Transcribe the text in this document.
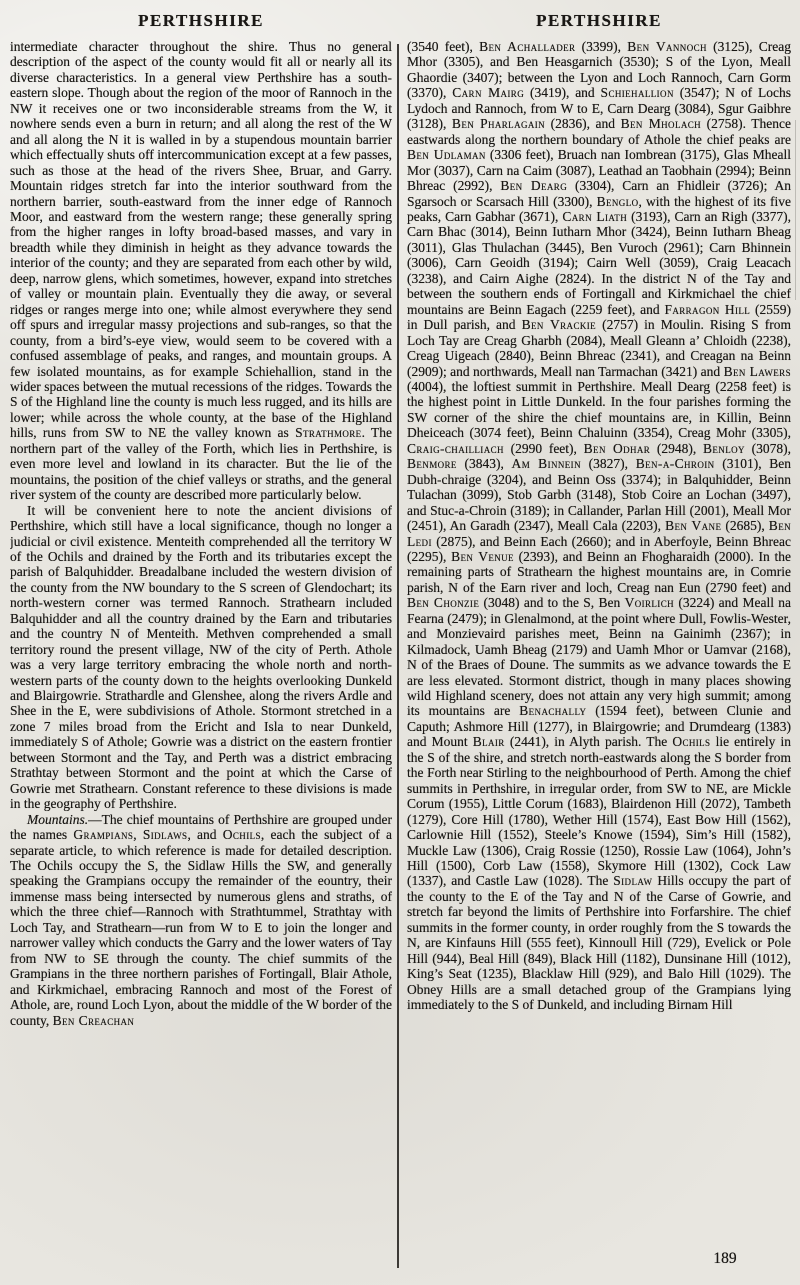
PERTHSHIRE	PERTHSHIRE

intermediate character throughout the shire. Thus no general description of the aspect of the county would fit all or nearly all its diverse characteristics. In a general view Perthshire has a south-eastern slope. Though about the region of the moor of Rannoch in the NW it receives one or two inconsiderable streams from the W, it nowhere sends even a burn in return; and all along the rest of the W and all along the N it is walled in by a stupendous mountain barrier which effectually shuts off intercommunication except at a few passes, such as those at the head of the rivers Shee, Bruar, and Garry. Mountain ridges stretch far into the interior southward from the northern barrier, south-eastward from the inner edge of Rannoch Moor, and eastward from the western range; these generally spring from the higher ranges in lofty broad-based masses, and vary in breadth while they diminish in height as they advance towards the interior of the county; and they are separated from each other by wild, deep, narrow glens, which sometimes, however, expand into stretches of valley or mountain plain. Eventually they die away, or several ridges or ranges merge into one; while almost everywhere they send off spurs and irregular massy projections and sub-ranges, so that the county, from a bird’s-eye view, would seem to be covered with a confused assemblage of peaks, and ranges, and mountain groups. A few isolated mountains, as for example Schiehallion, stand in the wider spaces between the mutual recessions of the ridges. Towards the S of the Highland line the county is much less rugged, and its hills are lower; while across the whole county, at the base of the Highland hills, runs from SW to NE the valley known as Strathmore. The northern part of the valley of the Forth, which lies in Perthshire, is even more level and lowland in its character. But the lie of the mountains, the position of the chief valleys or straths, and the general river system of the county are described more particularly below.

It will be convenient here to note the ancient divisions of Perthshire, which still have a local significance, though no longer a judicial or civil existence. Menteith comprehended all the territory W of the Ochils and drained by the Forth and its tributaries except the parish of Balquhidder. Breadalbane included the western division of the county from the NW boundary to the S screen of Glendochart; its north-western corner was termed Rannoch. Strathearn included Balquhidder and all the country drained by the Earn and tributaries and the country N of Menteith. Methven comprehended a small territory round the present village, NW of the city of Perth. Athole was a very large territory embracing the whole north and north-western parts of the county down to the heights overlooking Dunkeld and Blairgowrie. Strathardle and Glenshee, along the rivers Ardle and Shee in the E, were subdivisions of Athole. Stormont stretched in a zone 7 miles broad from the Ericht and Isla to near Dunkeld, immediately S of Athole; Gowrie was a district on the eastern frontier between Stormont and the Tay, and Perth was a district embracing Strathtay between Stormont and the point at which the Carse of Gowrie met Strathearn. Constant reference to these divisions is made in the geography of Perthshire.

Mountains.—The chief mountains of Perthshire are grouped under the names Grampians, Sidlaws, and Ochils, each the subject of a separate article, to which reference is made for detailed description. The Ochils occupy the S, the Sidlaw Hills the SW, and generally speaking the Grampians occupy the remainder of the eountry, their immense mass being intersected by numerous glens and straths, of which the three chief—Rannoch with Strathtummel, Strathtay with Loch Tay, and Strathearn—run from W to E to join the longer and narrower valley which conducts the Garry and the lower waters of Tay from NW to SE through the county. The chief summits of the Grampians in the three northern parishes of Fortingall, Blair Athole, and Kirkmichael, embracing Rannoch and most of the Forest of Athole, are, round Loch Lyon, about the middle of the W border of the county, Ben Creachan

(3540 feet), Ben Achallader (3399), Ben Vannoch (3125), Creag Mhor (3305), and Ben Heasgarnich (3530); S of the Lyon, Meall Ghaordie (3407); between the Lyon and Loch Rannoch, Carn Gorm (3370), Carn Mairg (3419), and Schiehallion (3547); N of Lochs Lydoch and Rannoch, from W to E, Carn Dearg (3084), Sgur Gaibhre (3128), Ben Pharlagain (2836), and Ben Mholach (2758). Thence eastwards along the northern boundary of Athole the chief peaks are Ben Udlaman (3306 feet), Bruach nan Iombrean (3175), Glas Mheall Mor (3037), Carn na Caim (3087), Leathad an Taobhain (2994); Beinn Bhreac (2992), Ben Dearg (3304), Carn an Fhidleir (3726); An Sgarsoch or Scarsach Hill (3300), Benglo, with the highest of its five peaks, Carn Gabhar (3671), Carn Liath (3193), Carn an Righ (3377), Carn Bhac (3014), Beinn Iutharn Mhor (3424), Beinn Iutharn Bheag (3011), Glas Thulachan (3445), Ben Vuroch (2961); Carn Bhinnein (3006), Carn Geoidh (3194); Cairn Well (3059), Craig Leacach (3238), and Cairn Aighe (2824). In the district N of the Tay and between the southern ends of Fortingall and Kirkmichael the chief mountains are Beinn Eagach (2259 feet), and Farragon Hill (2559) in Dull parish, and Ben Vrackie (2757) in Moulin. Rising S from Loch Tay are Creag Gharbh (2084), Meall Gleann a’ Chloidh (2238), Creag Uigeach (2840), Beinn Bhreac (2341), and Creagan na Beinn (2909); and northwards, Meall nan Tarmachan (3421) and Ben Lawers (4004), the loftiest summit in Perthshire. Meall Dearg (2258 feet) is the highest point in Little Dunkeld. In the four parishes forming the SW corner of the shire the chief mountains are, in Killin, Beinn Dheiceach (3074 feet), Beinn Chaluinn (3354), Creag Mohr (3305), Craig-chailliach (2990 feet), Ben Odhar (2948), Benloy (3078), Benmore (3843), Am Binnein (3827), Ben-a-Chroin (3101), Ben Dubh-chraige (3204), and Beinn Oss (3374); in Balquhidder, Beinn Tulachan (3099), Stob Garbh (3148), Stob Coire an Lochan (3497), and Stuc-a-Chroin (3189); in Callander, Parlan Hill (2001), Meall Mor (2451), An Garadh (2347), Meall Cala (2203), Ben Vane (2685), Ben Ledi (2875), and Beinn Each (2660); and in Aberfoyle, Beinn Bhreac (2295), Ben Venue (2393), and Beinn an Fhogharaidh (2000). In the remaining parts of Strathearn the highest mountains are, in Comrie parish, N of the Earn river and loch, Creag nan Eun (2790 feet) and Ben Chonzie (3048) and to the S, Ben Voirlich (3224) and Meall na Fearna (2479); in Glenalmond, at the point where Dull, Fowlis-Wester, and Monzievaird parishes meet, Beinn na Gainimh (2367); in Kilmadock, Uamh Bheag (2179) and Uamh Mhor or Uamvar (2168), N of the Braes of Doune. The summits as we advance towards the E are less elevated. Stormont district, though in many places showing wild Highland scenery, does not attain any very high summit; among its mountains are Benachally (1594 feet), between Clunie and Caputh; Ashmore Hill (1277), in Blairgowrie; and Drumdearg (1383) and Mount Blair (2441), in Alyth parish. The Ochils lie entirely in the S of the shire, and stretch north-eastwards along the S border from the Forth near Stirling to the neighbourhood of Perth. Among the chief summits in Perthshire, in irregular order, from SW to NE, are Mickle Corum (1955), Little Corum (1683), Blairdenon Hill (2072), Tambeth (1279), Core Hill (1780), Wether Hill (1574), East Bow Hill (1562), Carlownie Hill (1552), Steele’s Knowe (1594), Sim’s Hill (1582), Muckle Law (1306), Craig Rossie (1250), Rossie Law (1064), John’s Hill (1500), Corb Law (1558), Skymore Hill (1302), Cock Law (1337), and Castle Law (1028). The Sidlaw Hills occupy the part of the county to the E of the Tay and N of the Carse of Gowrie, and stretch far beyond the limits of Perthshire into Forfarshire. The chief summits in the former county, in order roughly from the S towards the N, are Kinfauns Hill (555 feet), Kinnoull Hill (729), Evelick or Pole Hill (944), Beal Hill (849), Black Hill (1182), Dunsinane Hill (1012), King’s Seat (1235), Blacklaw Hill (929), and Balo Hill (1029). The Obney Hills are a small detached group of the Grampians lying immediately to the S of Dunkeld, and including Birnam Hill

189
